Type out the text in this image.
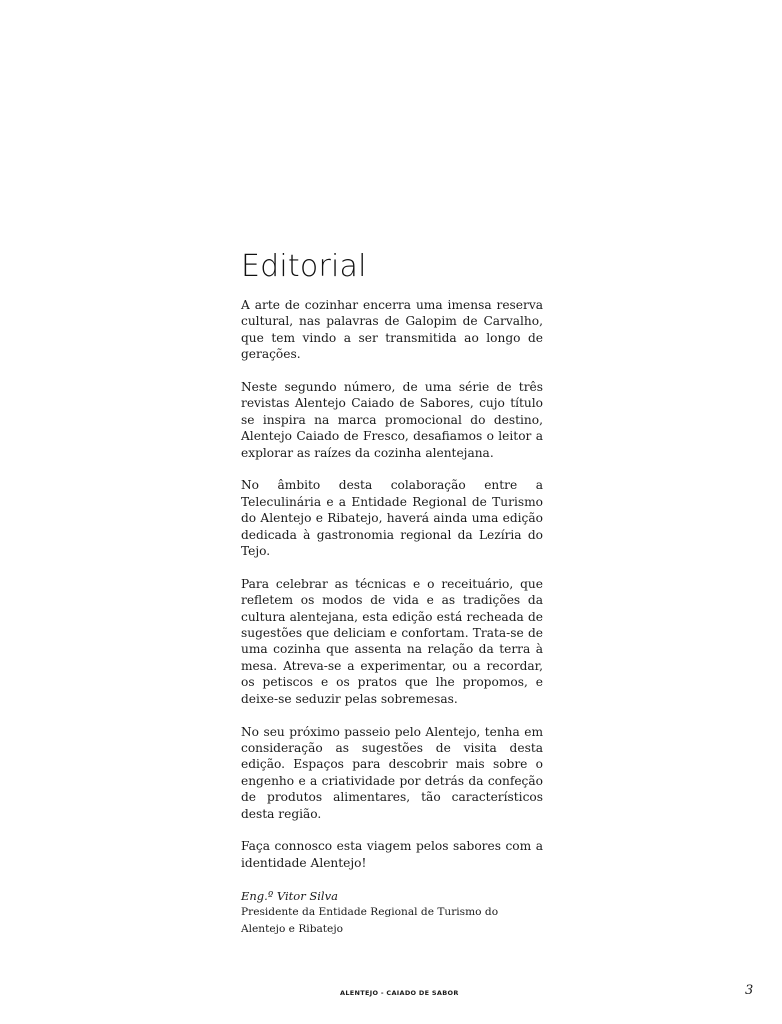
Editorial

A arte de cozinhar encerra uma imensa reserva cultural, nas palavras de Galopim de Carvalho, que tem vindo a ser transmitida ao longo de gerações.

Neste segundo número, de uma série de três revistas Alentejo Caiado de Sabores, cujo título se inspira na marca promocional do destino, Alentejo Caiado de Fresco, desafiamos o leitor a explorar as raízes da cozinha alentejana.

No âmbito desta colaboração entre a Teleculinária e a Entidade Regional de Turismo do Alentejo e Ribatejo, haverá ainda uma edição dedicada à gastronomia regional da Lezíria do Tejo.

Para celebrar as técnicas e o receituário, que refletem os modos de vida e as tradições da cultura alentejana, esta edição está recheada de sugestões que deliciam e confortam. Trata-se de uma cozinha que assenta na relação da terra à mesa. Atreva-se a experimentar, ou a recordar, os petiscos e os pratos que lhe propomos, e deixe-se seduzir pelas sobremesas.

No seu próximo passeio pelo Alentejo, tenha em consideração as sugestões de visita desta edição. Espaços para descobrir mais sobre o engenho e a criatividade por detrás da confeção de produtos alimentares, tão característicos desta região.

Faça connosco esta viagem pelos sabores com a identidade Alentejo!

Eng.º Vitor Silva

Presidente da Entidade Regional de Turismo do Alentejo e Ribatejo

ALENTEJO - CAIADO DE SABOR	3
